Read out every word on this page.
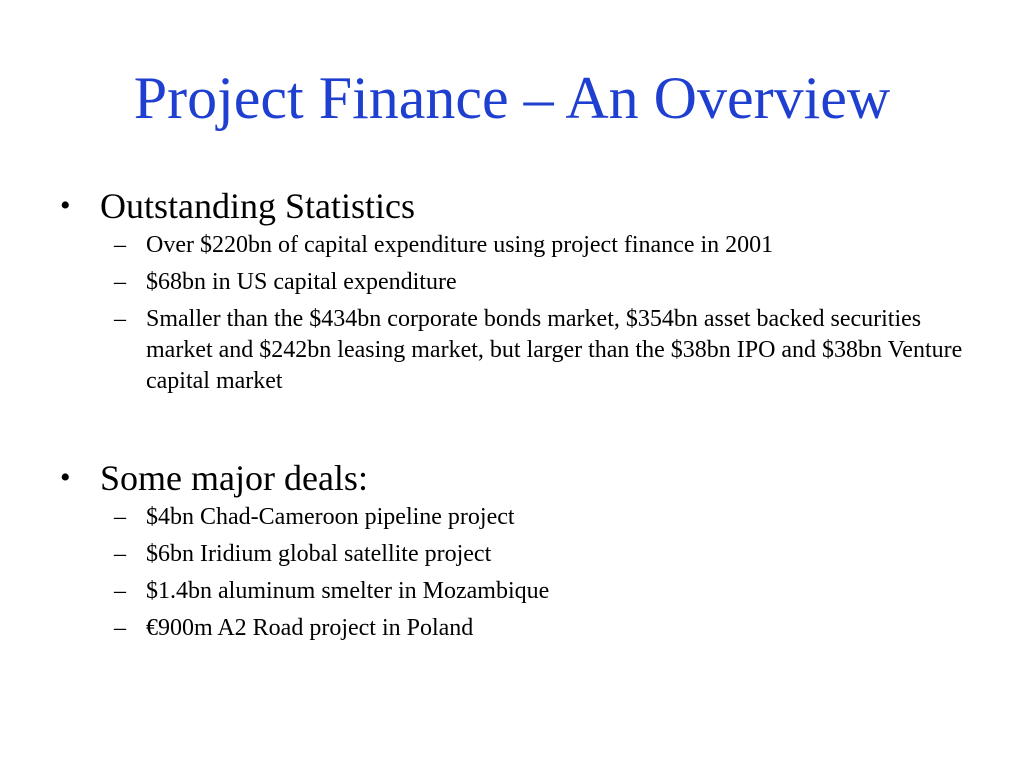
Project Finance – An Overview
• Outstanding Statistics
– Over $220bn of capital expenditure using project finance in 2001
– $68bn in US capital expenditure
– Smaller than the $434bn corporate bonds market, $354bn asset backed securities market and $242bn leasing market, but larger than the $38bn IPO and $38bn Venture capital market
• Some major deals:
– $4bn Chad-Cameroon pipeline project
– $6bn Iridium global satellite project
– $1.4bn aluminum smelter in Mozambique
– €900m A2 Road project in Poland
